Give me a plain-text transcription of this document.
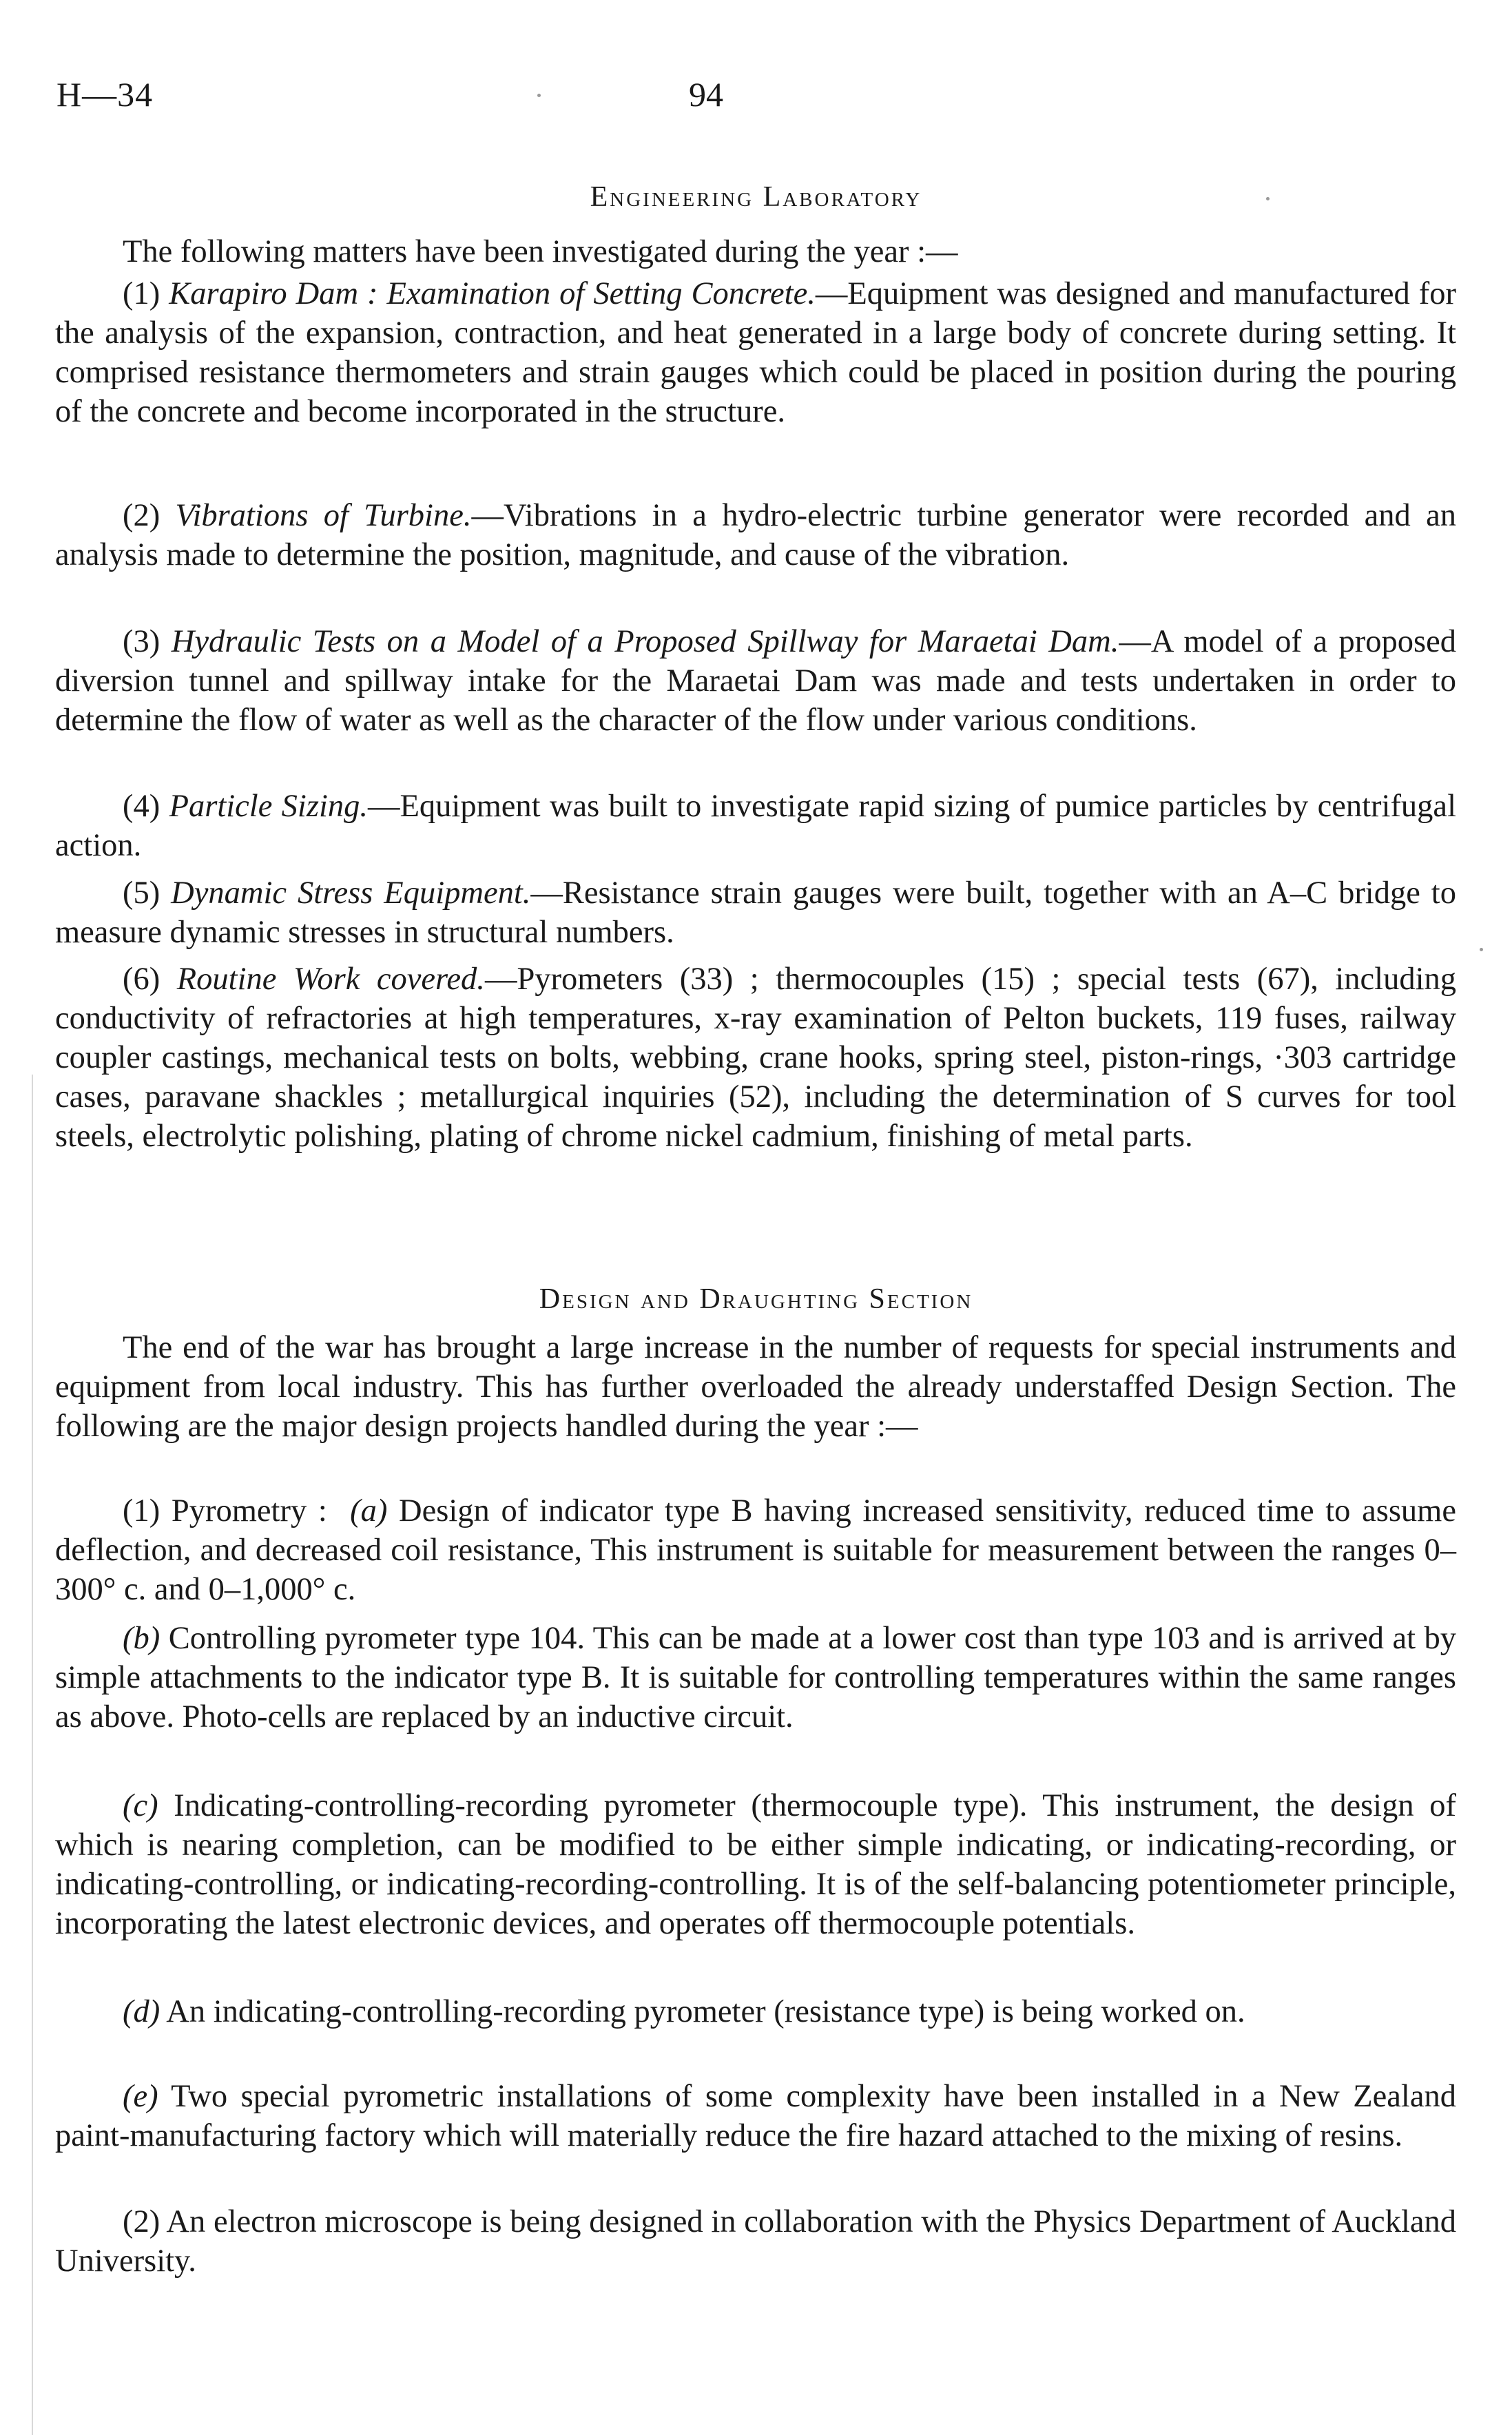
H—34	94
Engineering Laboratory
The following matters have been investigated during the year :—
(1) Karapiro Dam : Examination of Setting Concrete.—Equipment was designed and manufactured for the analysis of the expansion, contraction, and heat generated in a large body of concrete during setting. It comprised resistance thermometers and strain gauges which could be placed in position during the pouring of the concrete and become incorporated in the structure.
(2) Vibrations of Turbine.—Vibrations in a hydro-electric turbine generator were recorded and an analysis made to determine the position, magnitude, and cause of the vibration.
(3) Hydraulic Tests on a Model of a Proposed Spillway for Maraetai Dam.—A model of a proposed diversion tunnel and spillway intake for the Maraetai Dam was made and tests undertaken in order to determine the flow of water as well as the character of the flow under various conditions.
(4) Particle Sizing.—Equipment was built to investigate rapid sizing of pumice particles by centrifugal action.
(5) Dynamic Stress Equipment.—Resistance strain gauges were built, together with an A–C bridge to measure dynamic stresses in structural numbers.
(6) Routine Work covered.—Pyrometers (33) ; thermocouples (15) ; special tests (67), including conductivity of refractories at high temperatures, x-ray examination of Pelton buckets, 119 fuses, railway coupler castings, mechanical tests on bolts, webbing, crane hooks, spring steel, piston-rings, ·303 cartridge cases, paravane shackles ; metallurgical inquiries (52), including the determination of S curves for tool steels, electrolytic polishing, plating of chrome nickel cadmium, finishing of metal parts.
Design and Draughting Section
The end of the war has brought a large increase in the number of requests for special instruments and equipment from local industry. This has further overloaded the already understaffed Design Section. The following are the major design projects handled during the year :—
(1) Pyrometry : (a) Design of indicator type B having increased sensitivity, reduced time to assume deflection, and decreased coil resistance, This instrument is suitable for measurement between the ranges 0–300° c. and 0–1,000° c.
(b) Controlling pyrometer type 104. This can be made at a lower cost than type 103 and is arrived at by simple attachments to the indicator type B. It is suitable for controlling temperatures within the same ranges as above. Photo-cells are replaced by an inductive circuit.
(c) Indicating-controlling-recording pyrometer (thermocouple type). This instrument, the design of which is nearing completion, can be modified to be either simple indicating, or indicating-recording, or indicating-controlling, or indicating-recording-controlling. It is of the self-balancing potentiometer principle, incorporating the latest electronic devices, and operates off thermocouple potentials.
(d) An indicating-controlling-recording pyrometer (resistance type) is being worked on.
(e) Two special pyrometric installations of some complexity have been installed in a New Zealand paint-manufacturing factory which will materially reduce the fire hazard attached to the mixing of resins.
(2) An electron microscope is being designed in collaboration with the Physics Department of Auckland University.
